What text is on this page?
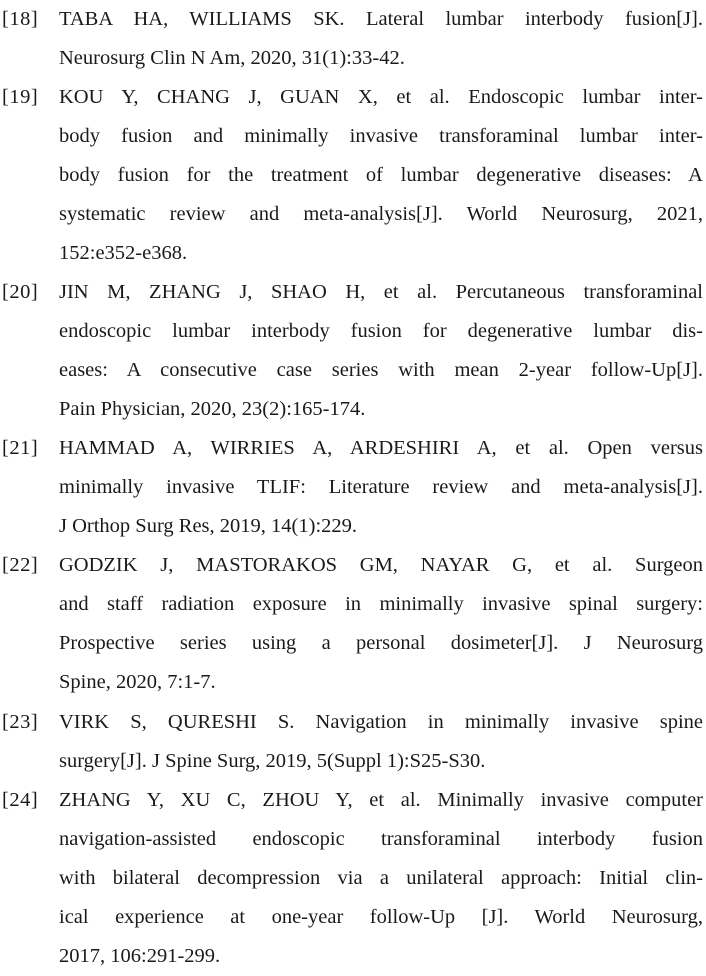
[18]	TABA HA, WILLIAMS SK. Lateral lumbar interbody fusion[J].
Neurosurg Clin N Am, 2020, 31(1):33-42.
[19]	KOU Y, CHANG J, GUAN X, et al. Endoscopic lumbar inter-
body fusion and minimally invasive transforaminal lumbar inter-
body fusion for the treatment of lumbar degenerative diseases: A
systematic review and meta-analysis[J]. World Neurosurg, 2021,
152:e352-e368.
[20]	JIN M, ZHANG J, SHAO H, et al. Percutaneous transforaminal
endoscopic lumbar interbody fusion for degenerative lumbar dis-
eases: A consecutive case series with mean 2-year follow-Up[J].
Pain Physician, 2020, 23(2):165-174.
[21]	HAMMAD A, WIRRIES A, ARDESHIRI A, et al. Open versus
minimally invasive TLIF: Literature review and meta-analysis[J].
J Orthop Surg Res, 2019, 14(1):229.
[22]	GODZIK J, MASTORAKOS GM, NAYAR G, et al. Surgeon
and staff radiation exposure in minimally invasive spinal surgery:
Prospective series using a personal dosimeter[J]. J Neurosurg
Spine, 2020, 7:1-7.
[23]	VIRK S, QURESHI S. Navigation in minimally invasive spine
surgery[J]. J Spine Surg, 2019, 5(Suppl 1):S25-S30.
[24]	ZHANG Y, XU C, ZHOU Y, et al. Minimally invasive computer
navigation-assisted endoscopic transforaminal interbody fusion
with bilateral decompression via a unilateral approach: Initial clin-
ical experience at one-year follow-Up [J]. World Neurosurg,
2017, 106:291-299.
